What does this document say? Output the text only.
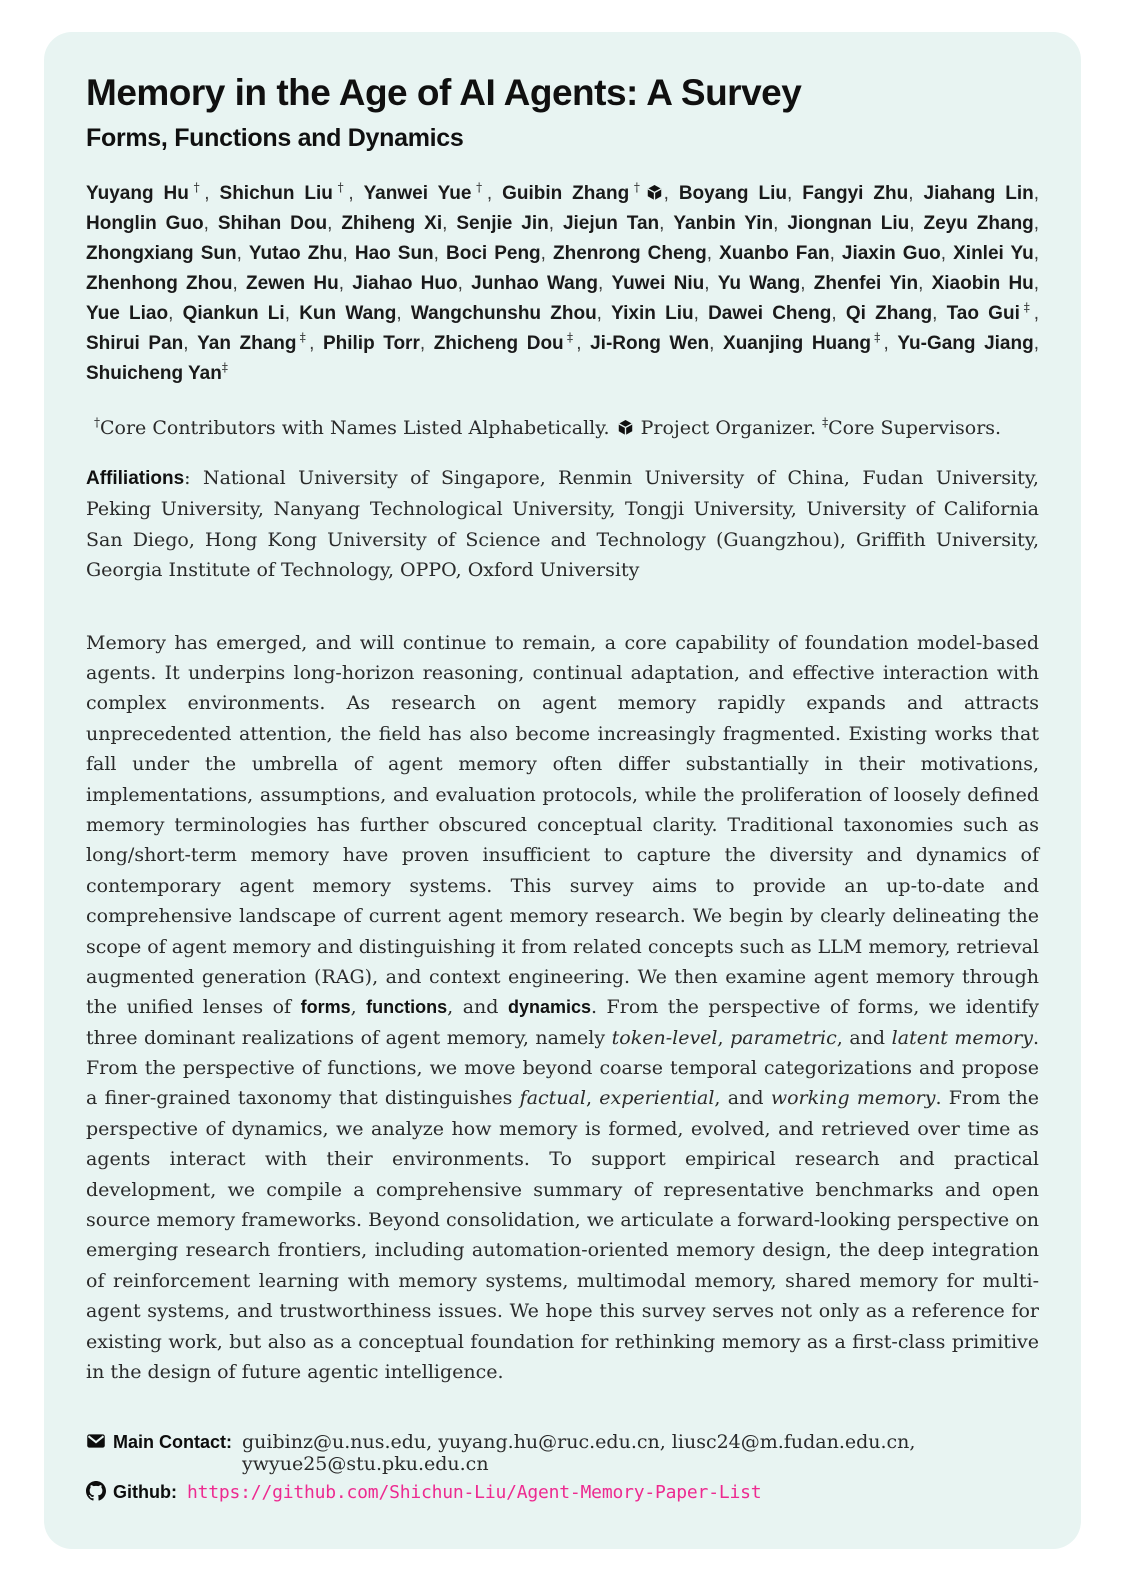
Memory in the Age of AI Agents: A Survey
Forms, Functions and Dynamics

Yuyang Hu†, Shichun Liu†, Yanwei Yue†, Guibin Zhang† , Boyang Liu, Fangyi Zhu, Jiahang Lin, Honglin Guo, Shihan Dou, Zhiheng Xi, Senjie Jin, Jiejun Tan, Yanbin Yin, Jiongnan Liu, Zeyu Zhang, Zhongxiang Sun, Yutao Zhu, Hao Sun, Boci Peng, Zhenrong Cheng, Xuanbo Fan, Jiaxin Guo, Xinlei Yu, Zhenhong Zhou, Zewen Hu, Jiahao Huo, Junhao Wang, Yuwei Niu, Yu Wang, Zhenfei Yin, Xiaobin Hu, Yue Liao, Qiankun Li, Kun Wang, Wangchunshu Zhou, Yixin Liu, Dawei Cheng, Qi Zhang, Tao Gui‡, Shirui Pan, Yan Zhang‡, Philip Torr, Zhicheng Dou‡, Ji-Rong Wen, Xuanjing Huang‡, Yu-Gang Jiang, Shuicheng Yan‡

†Core Contributors with Names Listed Alphabetically.
Project Organizer. ‡Core Supervisors.

Affiliations: National University of Singapore, Renmin University of China, Fudan University, Peking University, Nanyang Technological University, Tongji University, University of California San Diego, Hong Kong University of Science and Technology (Guangzhou), Griffith University, Georgia Institute of Technology, OPPO, Oxford University

Memory has emerged, and will continue to remain, a core capability of foundation model-based agents. It underpins long-horizon reasoning, continual adaptation, and effective interaction with complex environments. As research on agent memory rapidly expands and attracts unprecedented attention, the field has also become increasingly fragmented. Existing works that fall under the umbrella of agent memory often differ substantially in their motivations, implementations, assumptions, and evaluation protocols, while the proliferation of loosely defined memory terminologies has further obscured conceptual clarity. Traditional taxonomies such as long/short-term memory have proven insufficient to capture the diversity and dynamics of contemporary agent memory systems. This survey aims to provide an up-to-date and comprehensive landscape of current agent memory research. We begin by clearly delineating the scope of agent memory and distinguishing it from related concepts such as LLM memory, retrieval augmented generation (RAG), and context engineering. We then examine agent memory through the unified lenses of forms, functions, and dynamics. From the perspective of forms, we identify three dominant realizations of agent memory, namely token-level, parametric, and latent memory. From the perspective of functions, we move beyond coarse temporal categorizations and propose a finer-grained taxonomy that distinguishes factual, experiential, and working memory. From the perspective of dynamics, we analyze how memory is formed, evolved, and retrieved over time as agents interact with their environments. To support empirical research and practical development, we compile a comprehensive summary of representative benchmarks and open source memory frameworks. Beyond consolidation, we articulate a forward-looking perspective on emerging research frontiers, including automation-oriented memory design, the deep integration of reinforcement learning with memory systems, multimodal memory, shared memory for multi-agent systems, and trustworthiness issues. We hope this survey serves not only as a reference for existing work, but also as a conceptual foundation for rethinking memory as a first-class primitive in the design of future agentic intelligence.

Main Contact: guibinz@u.nus.edu, yuyang.hu@ruc.edu.cn, liusc24@m.fudan.edu.cn, ywyue25@stu.pku.edu.cn
Github: https://github.com/Shichun-Liu/Agent-Memory-Paper-List
